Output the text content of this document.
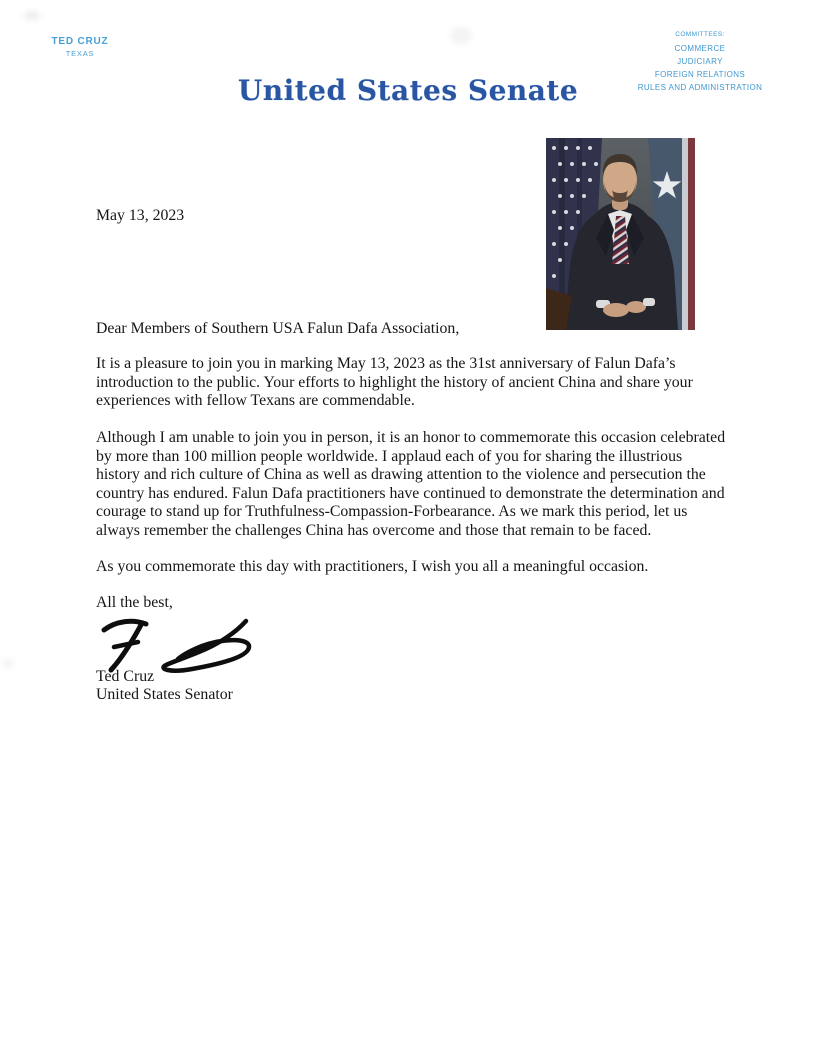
TED CRUZ
TEXAS
United States Senate
COMMITTEES:
COMMERCE
JUDICIARY
FOREIGN RELATIONS
RULES AND ADMINISTRATION

May 13, 2023

Dear Members of Southern USA Falun Dafa Association,

It is a pleasure to join you in marking May 13, 2023 as the 31st anniversary of Falun Dafa’s introduction to the public. Your efforts to highlight the history of ancient China and share your experiences with fellow Texans are commendable.

Although I am unable to join you in person, it is an honor to commemorate this occasion celebrated by more than 100 million people worldwide. I applaud each of you for sharing the illustrious history and rich culture of China as well as drawing attention to the violence and persecution the country has endured. Falun Dafa practitioners have continued to demonstrate the determination and courage to stand up for Truthfulness-Compassion-Forbearance. As we mark this period, let us always remember the challenges China has overcome and those that remain to be faced.

As you commemorate this day with practitioners, I wish you all a meaningful occasion.

All the best,

Ted Cruz

United States Senator
